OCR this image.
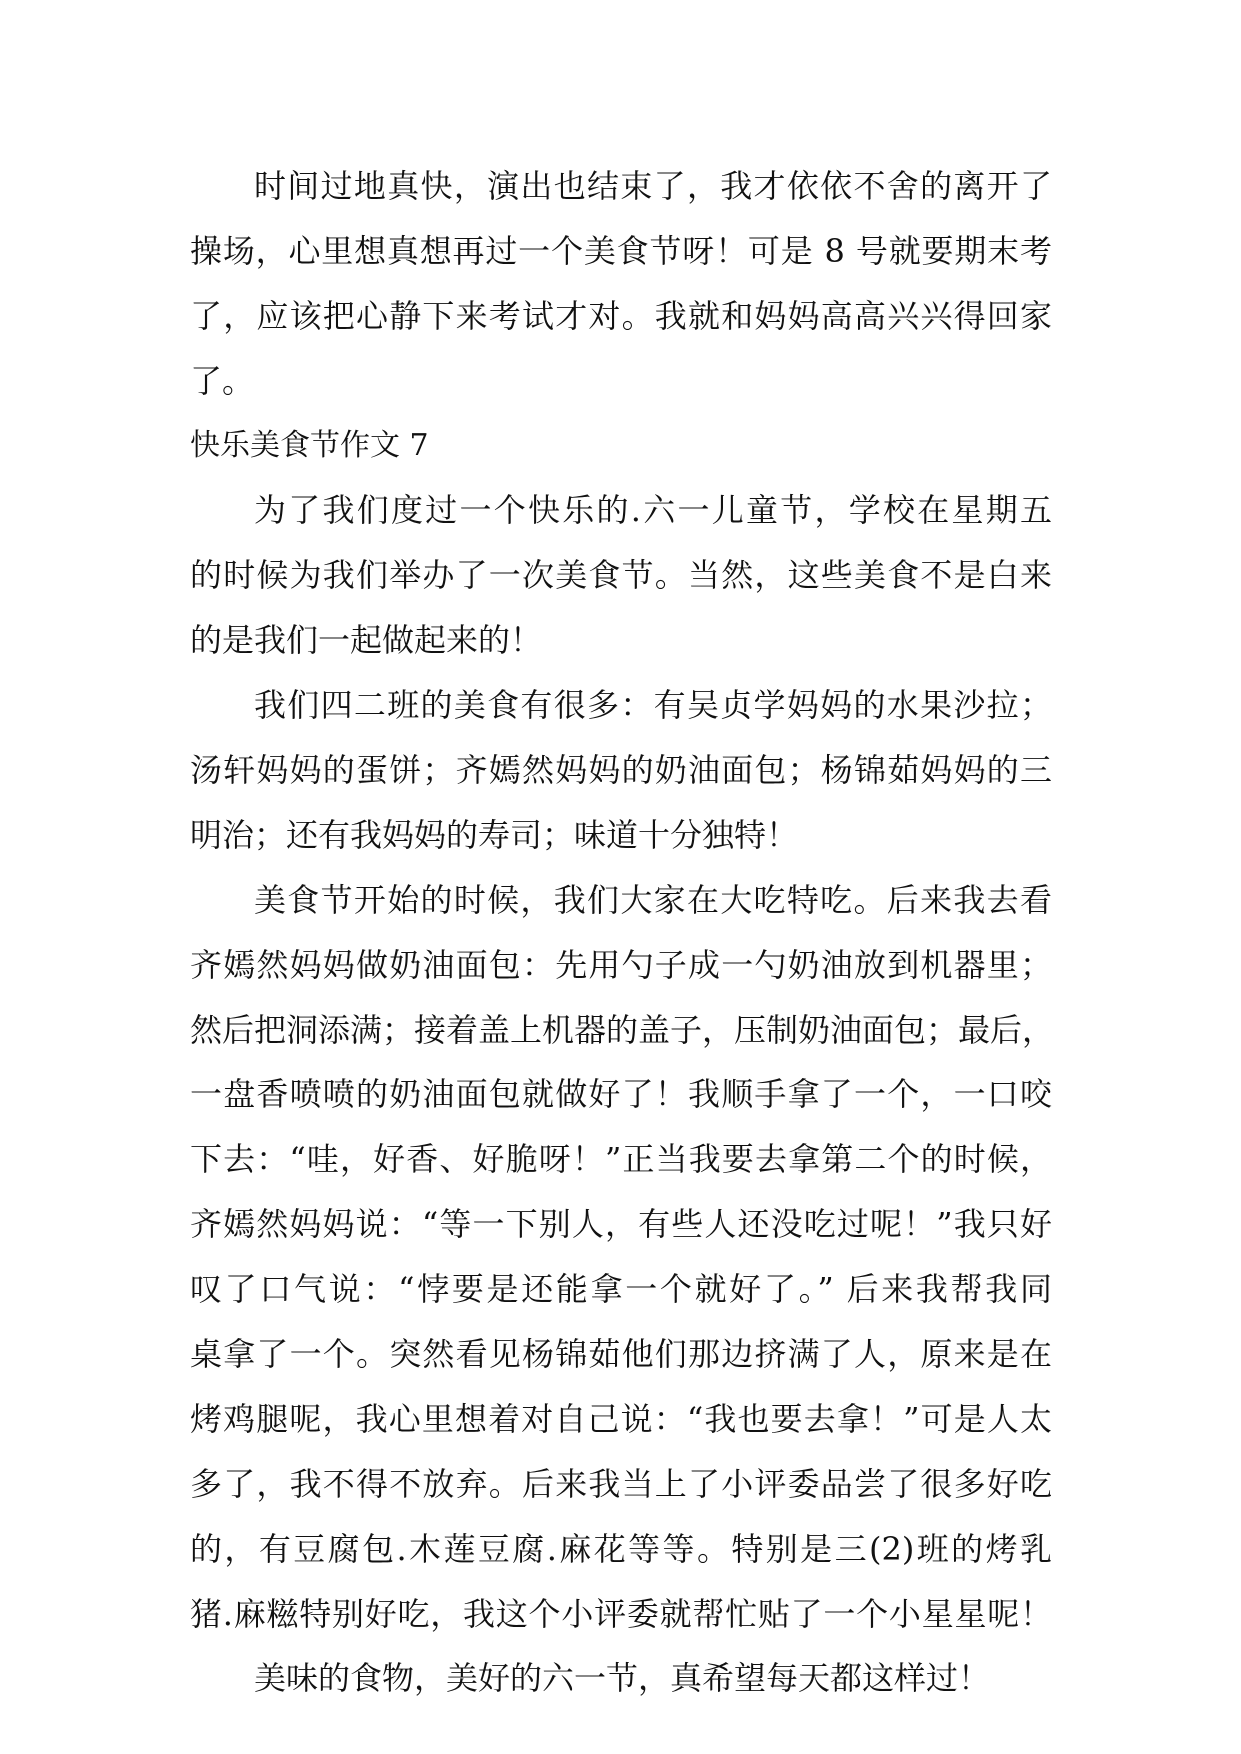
时间过地真快，演出也结束了，我才依依不舍的离开了
操场，心里想真想再过一个美食节呀！可是 8 号就要期末考
了，应该把心静下来考试才对。我就和妈妈高高兴兴得回家
了。
快乐美食节作文 7
为了我们度过一个快乐的.六一儿童节，学校在星期五
的时候为我们举办了一次美食节。当然，这些美食不是白来
的是我们一起做起来的！
我们四二班的美食有很多：有吴贞学妈妈的水果沙拉；
汤轩妈妈的蛋饼；齐嫣然妈妈的奶油面包；杨锦茹妈妈的三
明治；还有我妈妈的寿司；味道十分独特！
美食节开始的时候，我们大家在大吃特吃。后来我去看
齐嫣然妈妈做奶油面包：先用勺子成一勺奶油放到机器里；
然后把洞添满；接着盖上机器的盖子，压制奶油面包；最后，
一盘香喷喷的奶油面包就做好了！我顺手拿了一个，一口咬
下去：“哇，好香、好脆呀！”正当我要去拿第二个的时候，
齐嫣然妈妈说：“等一下别人，有些人还没吃过呢！”我只好
叹了口气说：“悖要是还能拿一个就好了。” 后来我帮我同
桌拿了一个。突然看见杨锦茹他们那边挤满了人，原来是在
烤鸡腿呢，我心里想着对自己说：“我也要去拿！”可是人太
多了，我不得不放弃。后来我当上了小评委品尝了很多好吃
的，有豆腐包.木莲豆腐.麻花等等。特别是三(2)班的烤乳
猪.麻糍特别好吃，我这个小评委就帮忙贴了一个小星星呢！
美味的食物，美好的六一节，真希望每天都这样过！
